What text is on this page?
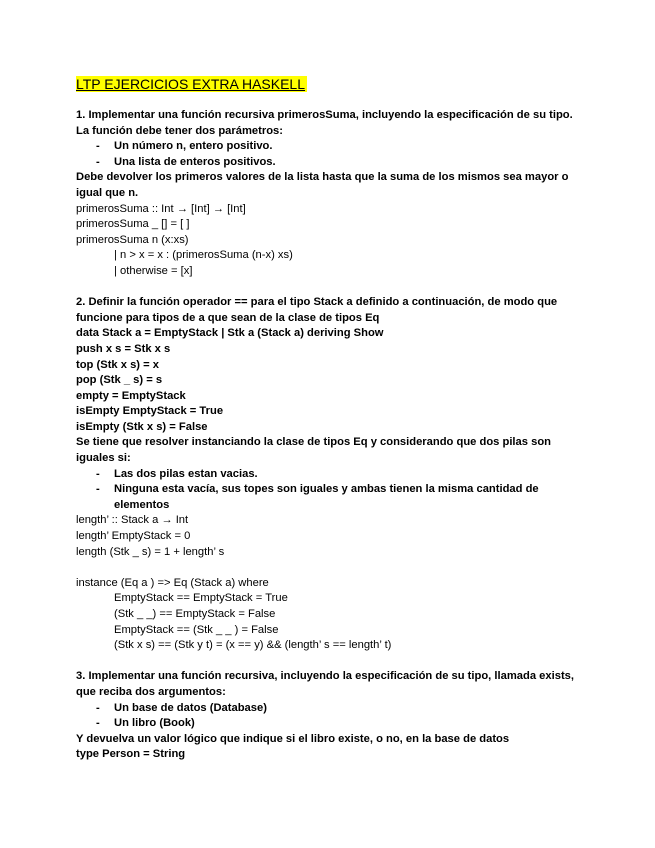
LTP EJERCICIOS EXTRA HASKELL
1. Implementar una función recursiva primerosSuma, incluyendo la especificación de su tipo. La función debe tener dos parámetros:
- Un número n, entero positivo.
- Una lista de enteros positivos.
Debe devolver los primeros valores de la lista hasta que la suma de los mismos sea mayor o igual que n.
primerosSuma :: Int → [Int] → [Int]
primerosSuma _ [] = [ ]
primerosSuma n (x:xs)
| n > x = x : (primerosSuma (n-x) xs)
| otherwise = [x]
2. Definir la función operador == para el tipo Stack a definido a continuación, de modo que funcione para tipos de a que sean de la clase de tipos Eq
data Stack a = EmptyStack | Stk a (Stack a) deriving Show
push x s = Stk x s
top (Stk x s) = x
pop (Stk _ s) = s
empty = EmptyStack
isEmpty EmptyStack = True
isEmpty (Stk x s) = False
Se tiene que resolver instanciando la clase de tipos Eq y considerando que dos pilas son iguales si:
- Las dos pilas estan vacias.
- Ninguna esta vacía, sus topes son iguales y ambas tienen la misma cantidad de elementos
length’ :: Stack a → Int
length’ EmptyStack = 0
length (Stk _ s) = 1 + length’ s
instance (Eq a ) => Eq (Stack a) where
EmptyStack == EmptyStack = True
(Stk _ _) == EmptyStack = False
EmptyStack == (Stk _ _ ) = False
(Stk x s) == (Stk y t) = (x == y) && (length’ s == length’ t)
3. Implementar una función recursiva, incluyendo la especificación de su tipo, llamada exists, que reciba dos argumentos:
- Un base de datos (Database)
- Un libro (Book)
Y devuelva un valor lógico que indique si el libro existe, o no, en la base de datos
type Person = String
